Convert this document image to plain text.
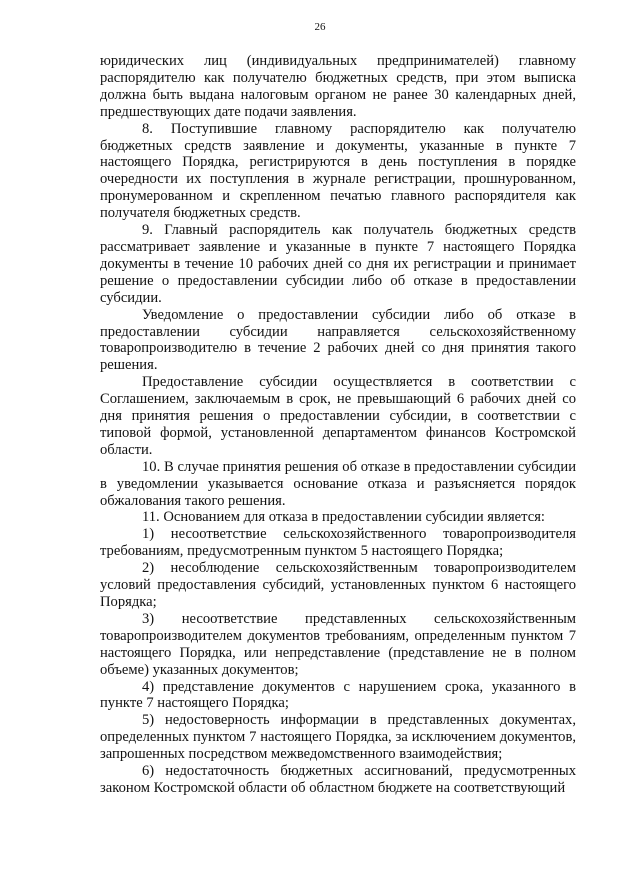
26

юридических лиц (индивидуальных предпринимателей) главному распорядителю как получателю бюджетных средств, при этом выписка должна быть выдана налоговым органом не ранее 30 календарных дней, предшествующих дате подачи заявления.

8. Поступившие главному распорядителю как получателю бюджетных средств заявление и документы, указанные в пункте 7 настоящего Порядка, регистрируются в день поступления в порядке очередности их поступления в журнале регистрации, прошнурованном, пронумерованном и скрепленном печатью главного распорядителя как получателя бюджетных средств.

9. Главный распорядитель как получатель бюджетных средств рассматривает заявление и указанные в пункте 7 настоящего Порядка документы в течение 10 рабочих дней со дня их регистрации и принимает решение о предоставлении субсидии либо об отказе в предоставлении субсидии.

Уведомление о предоставлении субсидии либо об отказе в предоставлении субсидии направляется сельскохозяйственному товаропроизводителю в течение 2 рабочих дней со дня принятия такого решения.

Предоставление субсидии осуществляется в соответствии с Соглашением, заключаемым в срок, не превышающий 6 рабочих дней со дня принятия решения о предоставлении субсидии, в соответствии с типовой формой, установленной департаментом финансов Костромской области.

10. В случае принятия решения об отказе в предоставлении субсидии в уведомлении указывается основание отказа и разъясняется порядок обжалования такого решения.

11. Основанием для отказа в предоставлении субсидии является:

1) несоответствие сельскохозяйственного товаропроизводителя требованиям, предусмотренным пунктом 5 настоящего Порядка;

2) несоблюдение сельскохозяйственным товаропроизводителем условий предоставления субсидий, установленных пунктом 6 настоящего Порядка;

3) несоответствие представленных сельскохозяйственным товаропроизводителем документов требованиям, определенным пунктом 7 настоящего Порядка, или непредставление (представление не в полном объеме) указанных документов;

4) представление документов с нарушением срока, указанного в пункте 7 настоящего Порядка;

5) недостоверность информации в представленных документах, определенных пунктом 7 настоящего Порядка, за исключением документов, запрошенных посредством межведомственного взаимодействия;

6) недостаточность бюджетных ассигнований, предусмотренных законом Костромской области об областном бюджете на соответствующий
